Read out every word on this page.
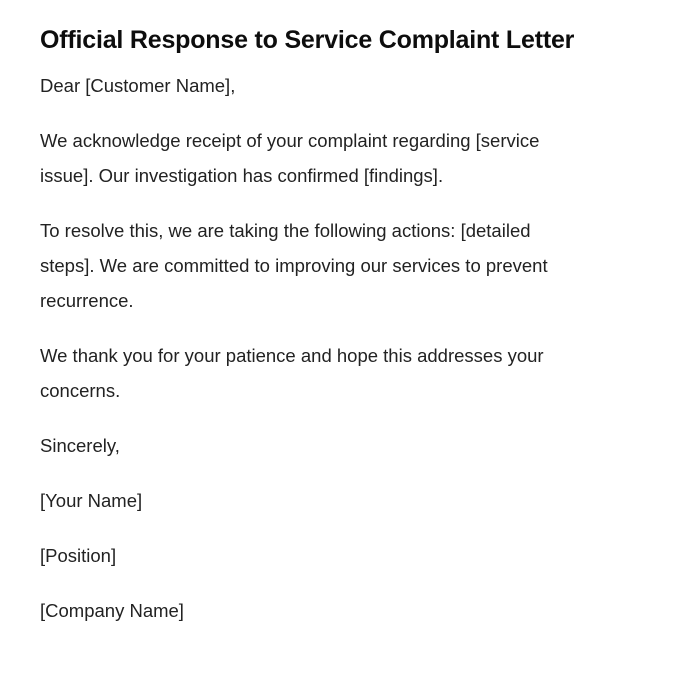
Official Response to Service Complaint Letter

Dear [Customer Name],

We acknowledge receipt of your complaint regarding [service
issue]. Our investigation has confirmed [findings].

To resolve this, we are taking the following actions: [detailed
steps]. We are committed to improving our services to prevent
recurrence.

We thank you for your patience and hope this addresses your
concerns.

Sincerely,

[Your Name]

[Position]

[Company Name]
